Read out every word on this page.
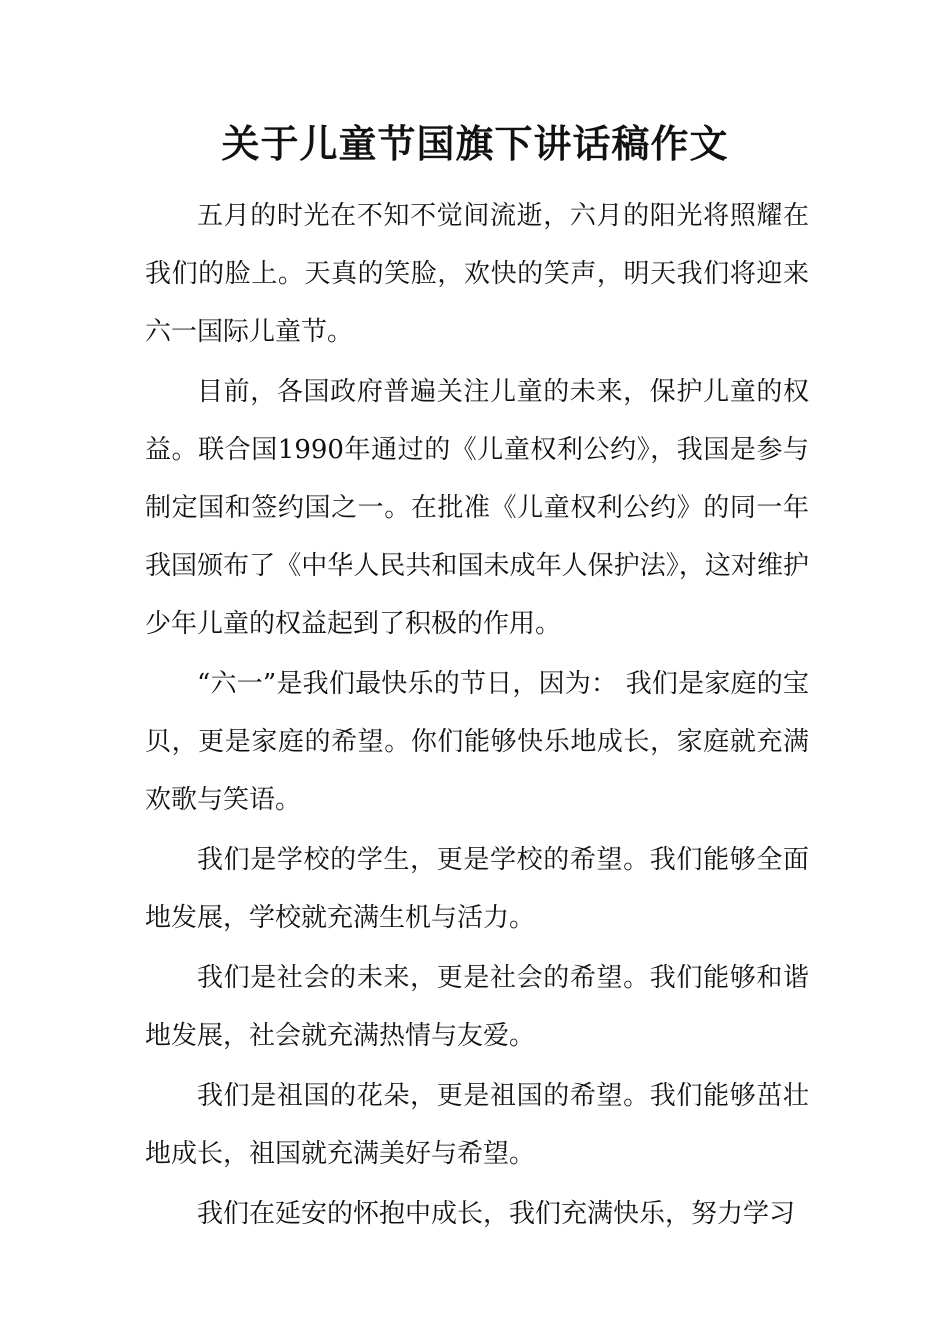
关于儿童节国旗下讲话稿作文

五月的时光在不知不觉间流逝，六月的阳光将照耀在我们的脸上。天真的笑脸，欢快的笑声，明天我们将迎来六一国际儿童节。

目前，各国政府普遍关注儿童的未来，保护儿童的权益。联合国1990年通过的《儿童权利公约》，我国是参与制定国和签约国之一。在批准《儿童权利公约》的同一年我国颁布了《中华人民共和国未成年人保护法》，这对维护少年儿童的权益起到了积极的作用。

“六一”是我们最快乐的节日，因为： 我们是家庭的宝贝，更是家庭的希望。你们能够快乐地成长，家庭就充满欢歌与笑语。

我们是学校的学生，更是学校的希望。我们能够全面地发展，学校就充满生机与活力。

我们是社会的未来，更是社会的希望。我们能够和谐地发展，社会就充满热情与友爱。

我们是祖国的花朵，更是祖国的希望。我们能够茁壮地成长，祖国就充满美好与希望。

我们在延安的怀抱中成长，我们充满快乐，努力学习
